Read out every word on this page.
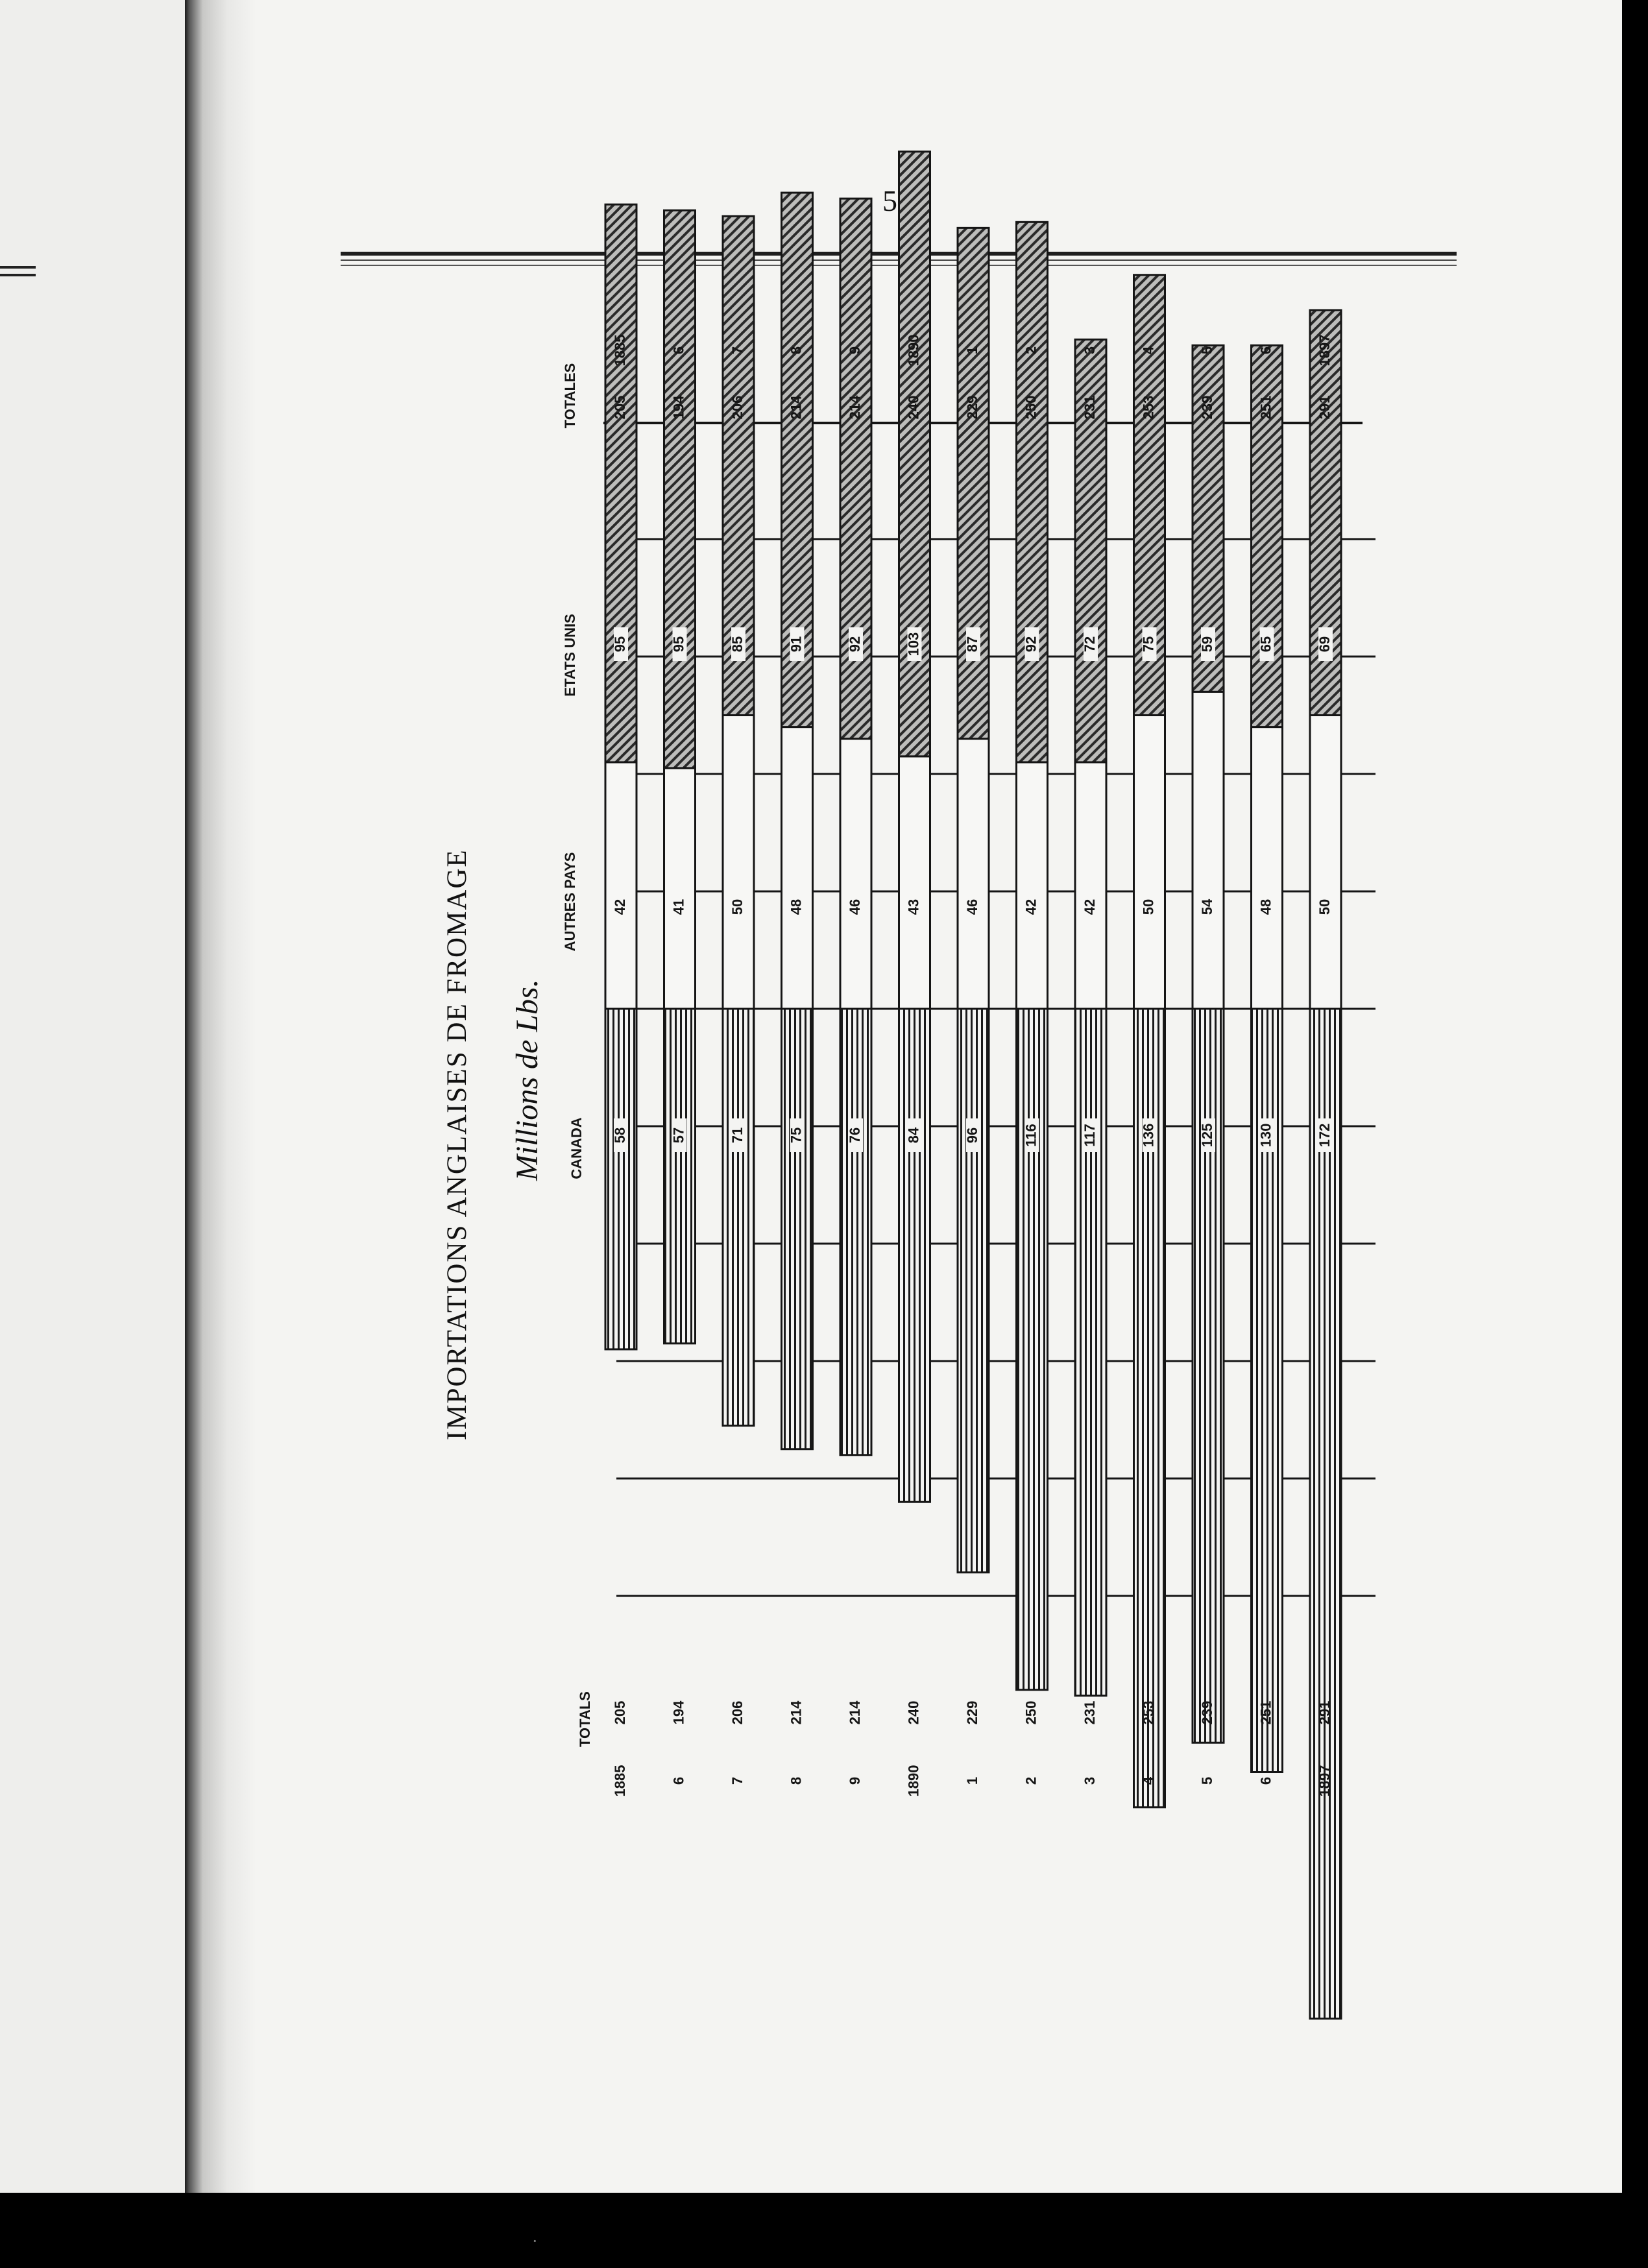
5
IMPORTATIONS ANGLAISES DE FROMAGE Millions de Lbs.	58
42
95
205
205
1885
1885
57
41
95
194
194
6
6
71
50
85
206
206
7
7
75
48
91
214
214
8
8
76
46
92
214
214
9
9
84
43
103
240
240
1890
1890
96
46
87
229
229
1
1
116
42
92
250
250
2
2
117
42
72
231
231
3
3
136
50
75
253
253
4
4
125
54
59
239
239
5
5
130
48
65
251
251
6
6
172
50
69
291
291
1897
1897
TOTALES
ETATS UNIS
AUTRES PAYS
CANADA
TOTALS
·
